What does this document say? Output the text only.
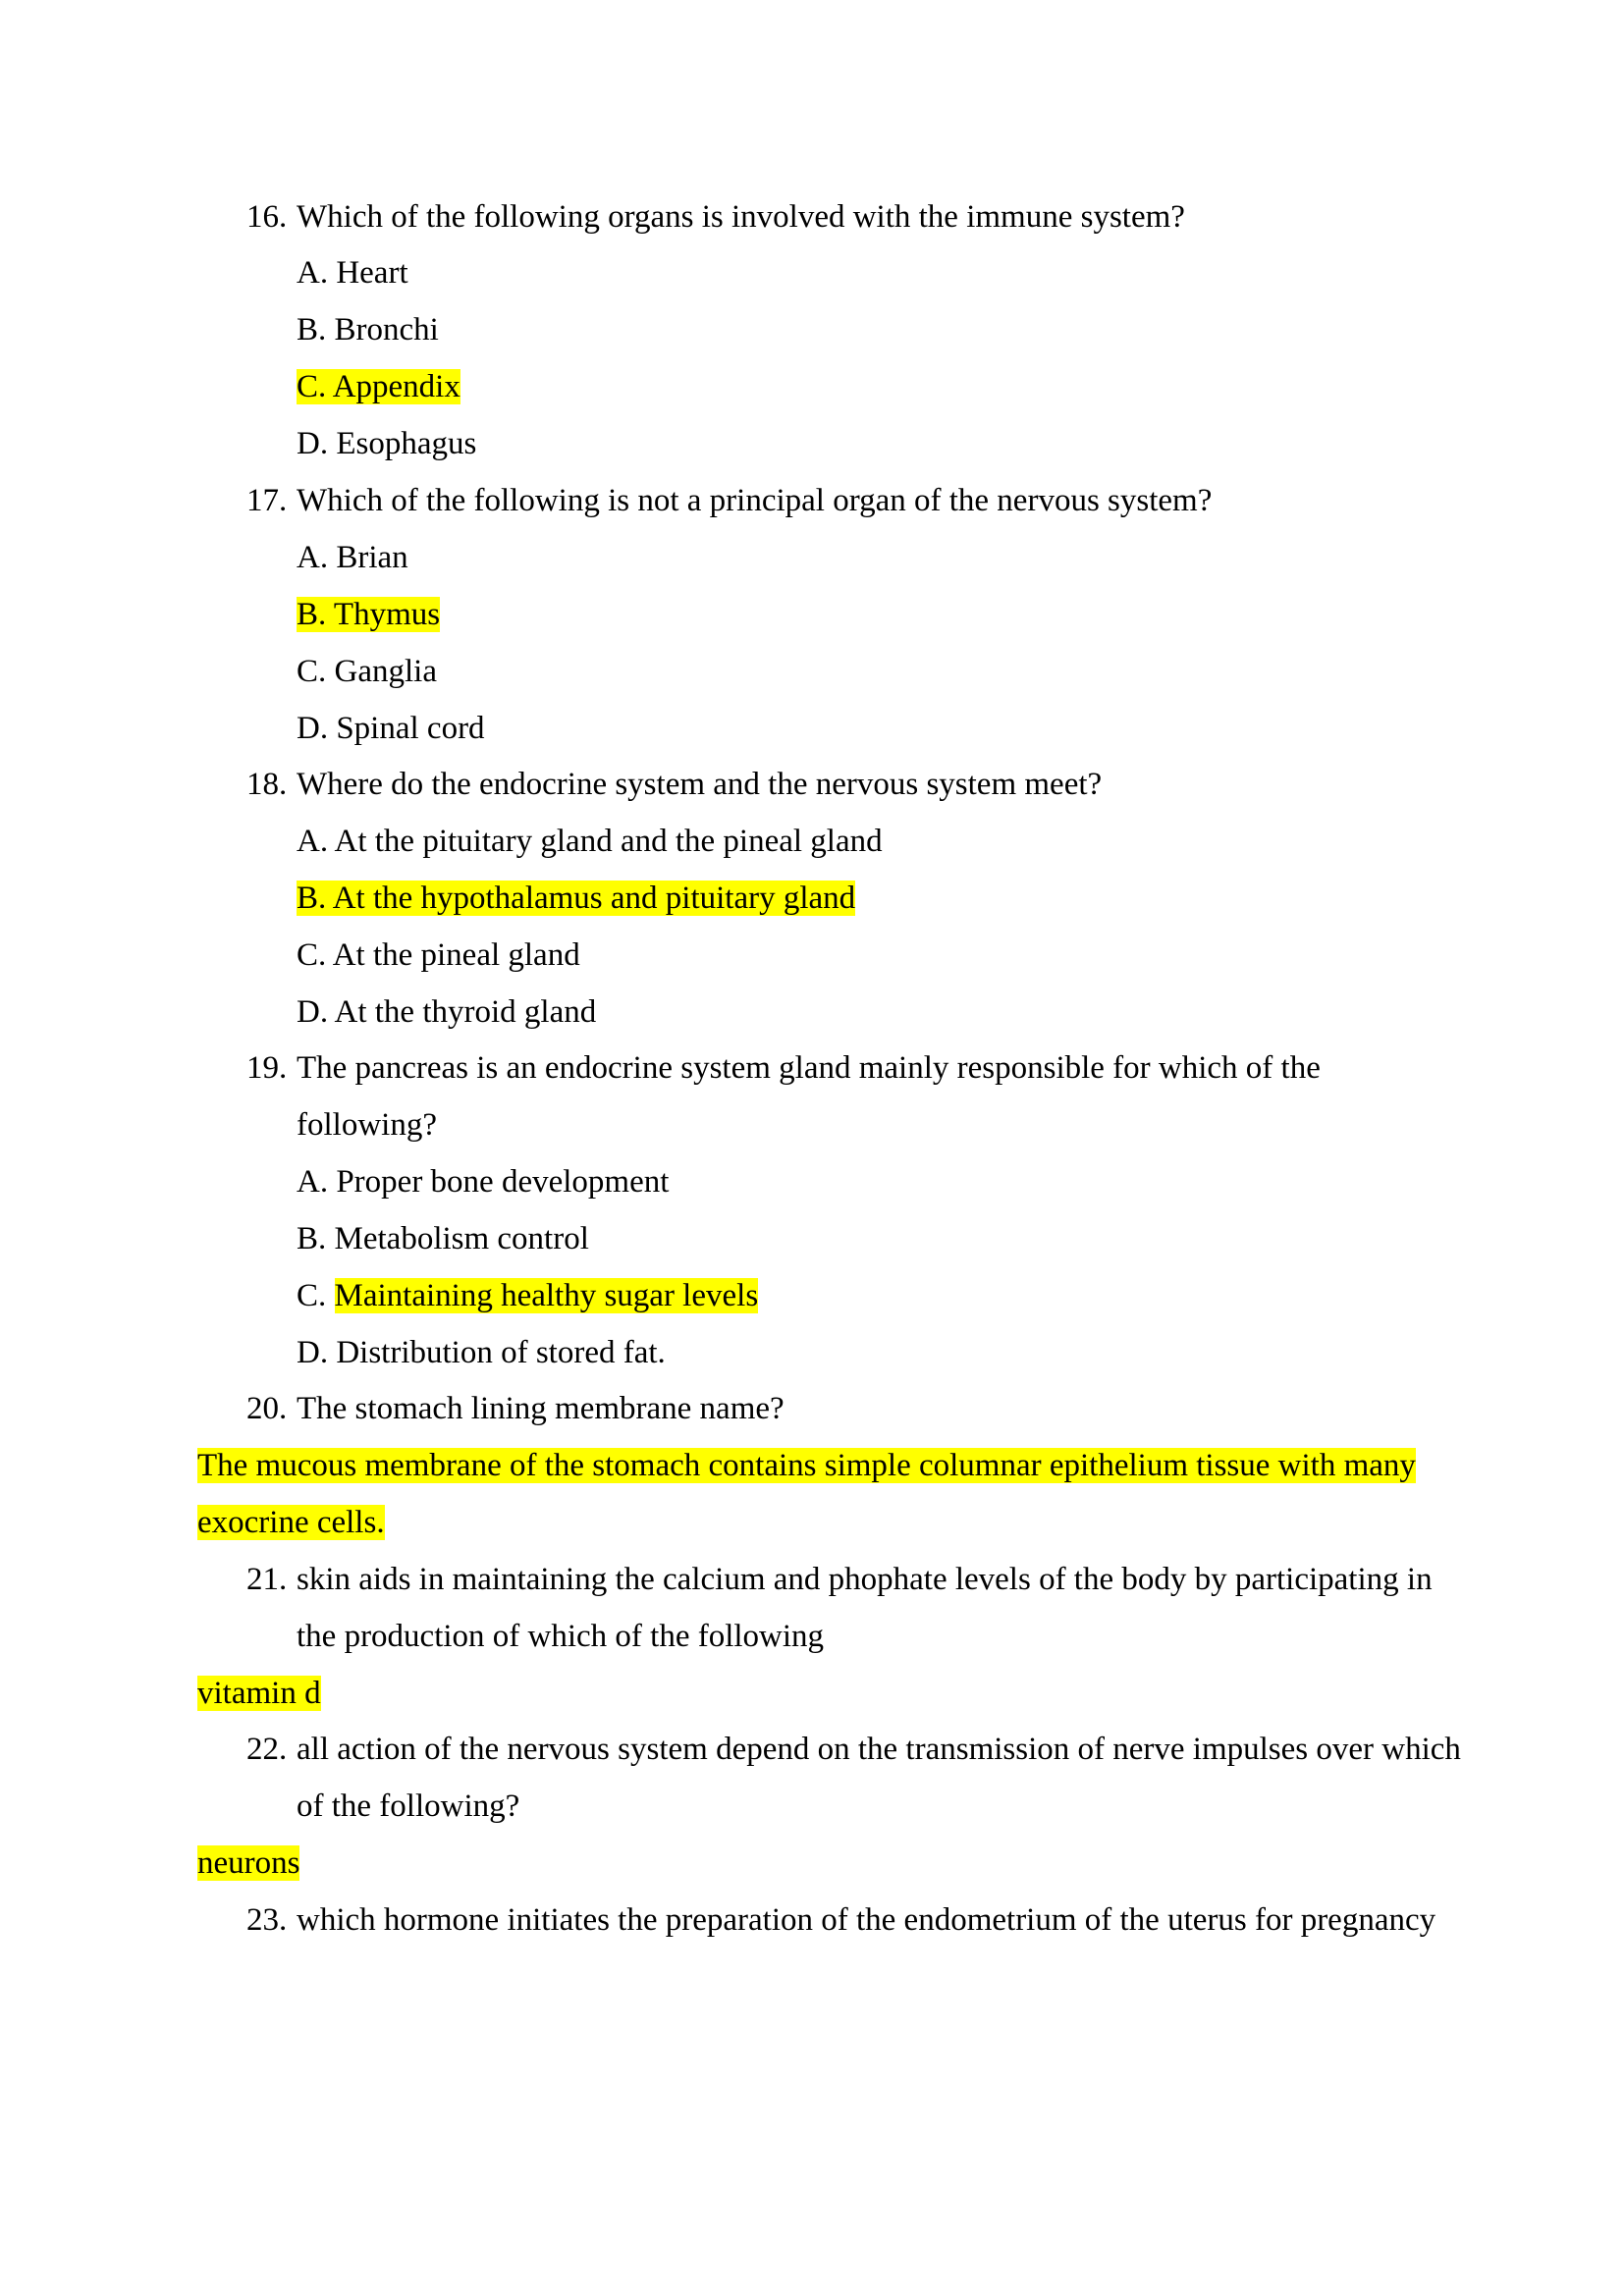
16. Which of the following organs is involved with the immune system?
A. Heart
B. Bronchi
C. Appendix
D. Esophagus
17. Which of the following is not a principal organ of the nervous system?
A. Brian
B. Thymus
C. Ganglia
D. Spinal cord
18. Where do the endocrine system and the nervous system meet?
A. At the pituitary gland and the pineal gland
B. At the hypothalamus and pituitary gland
C. At the pineal gland
D. At the thyroid gland
19. The pancreas is an endocrine system gland mainly responsible for which of the
following?
A. Proper bone development
B. Metabolism control
C. Maintaining healthy sugar levels
D. Distribution of stored fat.
20. The stomach lining membrane name?
The mucous membrane of the stomach contains simple columnar epithelium tissue with many
exocrine cells.
21. skin aids in maintaining the calcium and phophate levels of the body by participating in
the production of which of the following
vitamin d
22. all action of the nervous system depend on the transmission of nerve impulses over which
of the following?
neurons
23. which hormone initiates the preparation of the endometrium of the uterus for pregnancy
